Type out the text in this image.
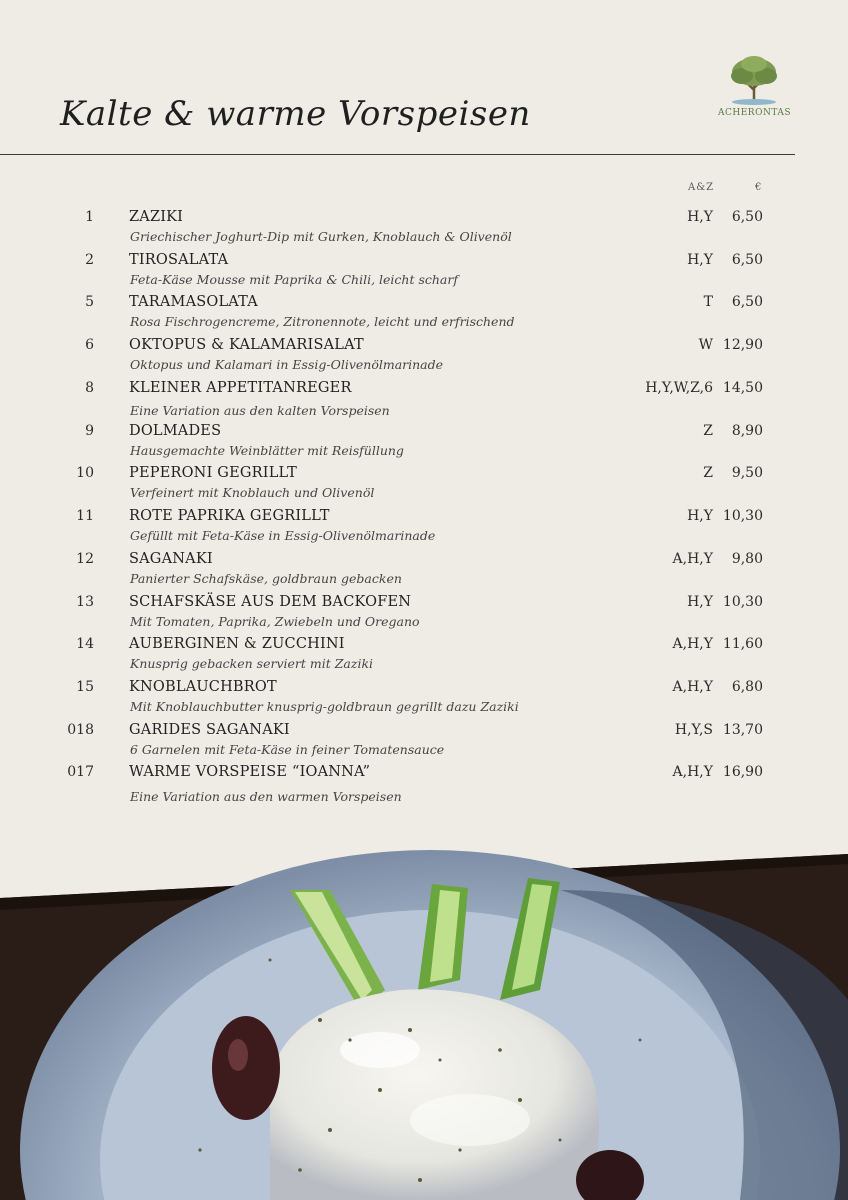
Kalte & warme Vorspeisen	ACHERONTAS
A&Z	€
1 ZAZIKI
Griechischer Joghurt-Dip mit Gurken, Knoblauch & Olivenöl
H,Y 6,50
2 TIROSALATA
Feta-Käse Mousse mit Paprika & Chili, leicht scharf
H,Y 6,50
5 TARAMASOLATA
Rosa Fischrogencreme, Zitronennote, leicht und erfrischend
T 6,50
6 OKTOPUS & KALAMARISALAT
Oktopus und Kalamari in Essig-Olivenölmarinade
W 12,90
8 KLEINER APPETITANREGER
Eine Variation aus den kalten Vorspeisen
H,Y,W,Z,6 14,50
9 DOLMADES
Hausgemachte Weinblätter mit Reisfüllung
Z 8,90
10 PEPERONI GEGRILLT
Verfeinert mit Knoblauch und Olivenöl
Z 9,50
11 ROTE PAPRIKA GEGRILLT
Gefüllt mit Feta-Käse in Essig-Olivenölmarinade
H,Y 10,30
12 SAGANAKI
Panierter Schafskäse, goldbraun gebacken
A,H,Y 9,80
13 SCHAFSKÄSE AUS DEM BACKOFEN
Mit Tomaten, Paprika, Zwiebeln und Oregano
H,Y 10,30
14 AUBERGINEN & ZUCCHINI
Knusprig gebacken serviert mit Zaziki
A,H,Y 11,60
15 KNOBLAUCHBROT
Mit Knoblauchbutter knusprig-goldbraun gegrillt dazu Zaziki
A,H,Y 6,80
018 GARIDES SAGANAKI
6 Garnelen mit Feta-Käse in feiner Tomatensauce
H,Y,S 13,70
017 WARME VORSPEISE “IOANNA”
Eine Variation aus den warmen Vorspeisen
A,H,Y 16,90
